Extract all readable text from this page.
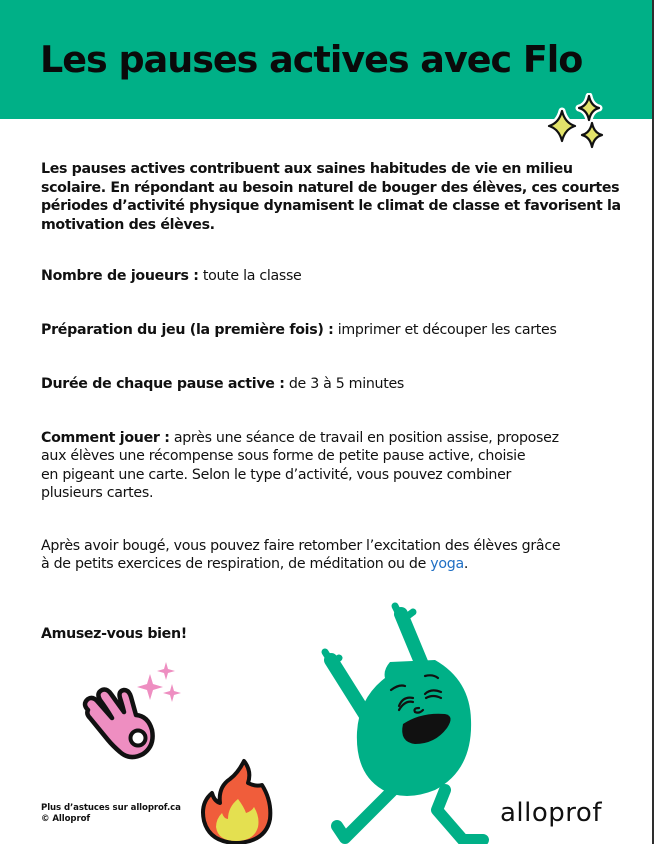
Les pauses actives avec Flo

Les pauses actives contribuent aux saines habitudes de vie en milieu scolaire. En répondant au besoin naturel de bouger des élèves, ces courtes périodes d’activité physique dynamisent le climat de classe et favorisent la motivation des élèves.

Nombre de joueurs : toute la classe
Préparation du jeu (la première fois) : imprimer et découper les cartes
Durée de chaque pause active : de 3 à 5 minutes
Comment jouer : après une séance de travail en position assise, proposez
aux élèves une récompense sous forme de petite pause active, choisie
en pigeant une carte. Selon le type d’activité, vous pouvez combiner
plusieurs cartes.
Après avoir bougé, vous pouvez faire retomber l’excitation des élèves grâce
à de petits exercices de respiration, de méditation ou de yoga.
Amusez-vous bien!
Plus d’astuces sur alloprof.ca
© Alloprof	alloprof
